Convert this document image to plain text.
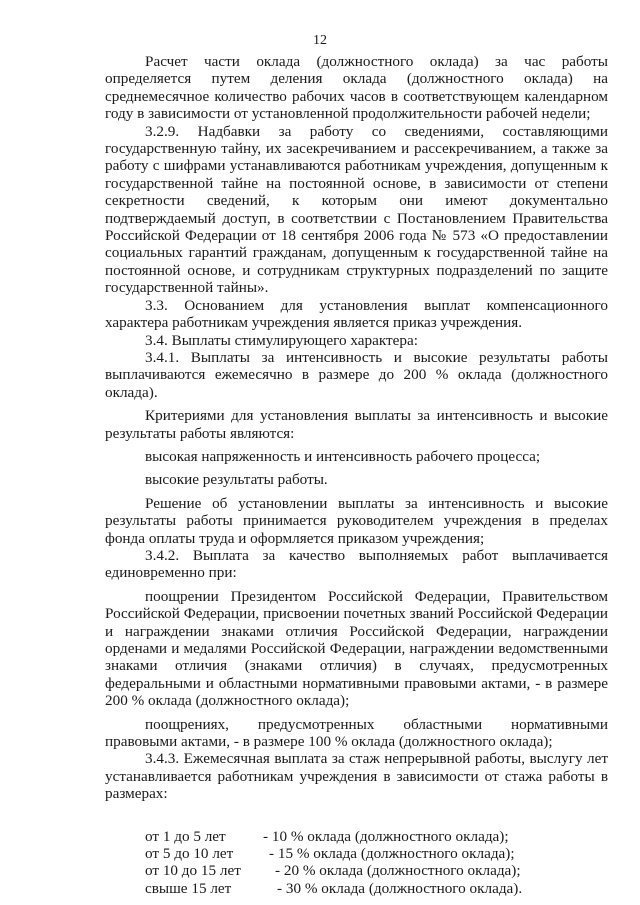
12

Расчет части оклада (должностного оклада) за час работы определяется путем деления оклада (должностного оклада) на среднемесячное количество рабочих часов в соответствующем календарном году в зависимости от установленной продолжительности рабочей недели;

3.2.9. Надбавки за работу со сведениями, составляющими государственную тайну, их засекречиванием и рассекречиванием, а также за работу с шифрами устанавливаются работникам учреждения, допущенным к государственной тайне на постоянной основе, в зависимости от степени секретности сведений, к которым они имеют документально подтверждаемый доступ, в соответствии с Постановлением Правительства Российской Федерации от 18 сентября 2006 года № 573 «О предоставлении социальных гарантий гражданам, допущенным к государственной тайне на постоянной основе, и сотрудникам структурных подразделений по защите государственной тайны».

3.3. Основанием для установления выплат компенсационного характера работникам учреждения является приказ учреждения.

3.4. Выплаты стимулирующего характера:

3.4.1. Выплаты за интенсивность и высокие результаты работы выплачиваются ежемесячно в размере до 200 % оклада (должностного оклада).

Критериями для установления выплаты за интенсивность и высокие результаты работы являются:

высокая напряженность и интенсивность рабочего процесса;

высокие результаты работы.

Решение об установлении выплаты за интенсивность и высокие результаты работы принимается руководителем учреждения в пределах фонда оплаты труда и оформляется приказом учреждения;

3.4.2. Выплата за качество выполняемых работ выплачивается единовременно при:

поощрении Президентом Российской Федерации, Правительством Российской Федерации, присвоении почетных званий Российской Федерации и награждении знаками отличия Российской Федерации, награждении орденами и медалями Российской Федерации, награждении ведомственными знаками отличия (знаками отличия) в случаях, предусмотренных федеральными и областными нормативными правовыми актами, - в размере 200 % оклада (должностного оклада);

поощрениях, предусмотренных областными нормативными правовыми актами, - в размере 100 % оклада (должностного оклада);

3.4.3. Ежемесячная выплата за стаж непрерывной работы, выслугу лет устанавливается работникам учреждения в зависимости от стажа работы в размерах:

от 1 до 5 лет	- 10 % оклада (должностного оклада);
от 5 до 10 лет	- 15 % оклада (должностного оклада);
от 10 до 15 лет	- 20 % оклада (должностного оклада);
свыше 15 лет	- 30 % оклада (должностного оклада).
